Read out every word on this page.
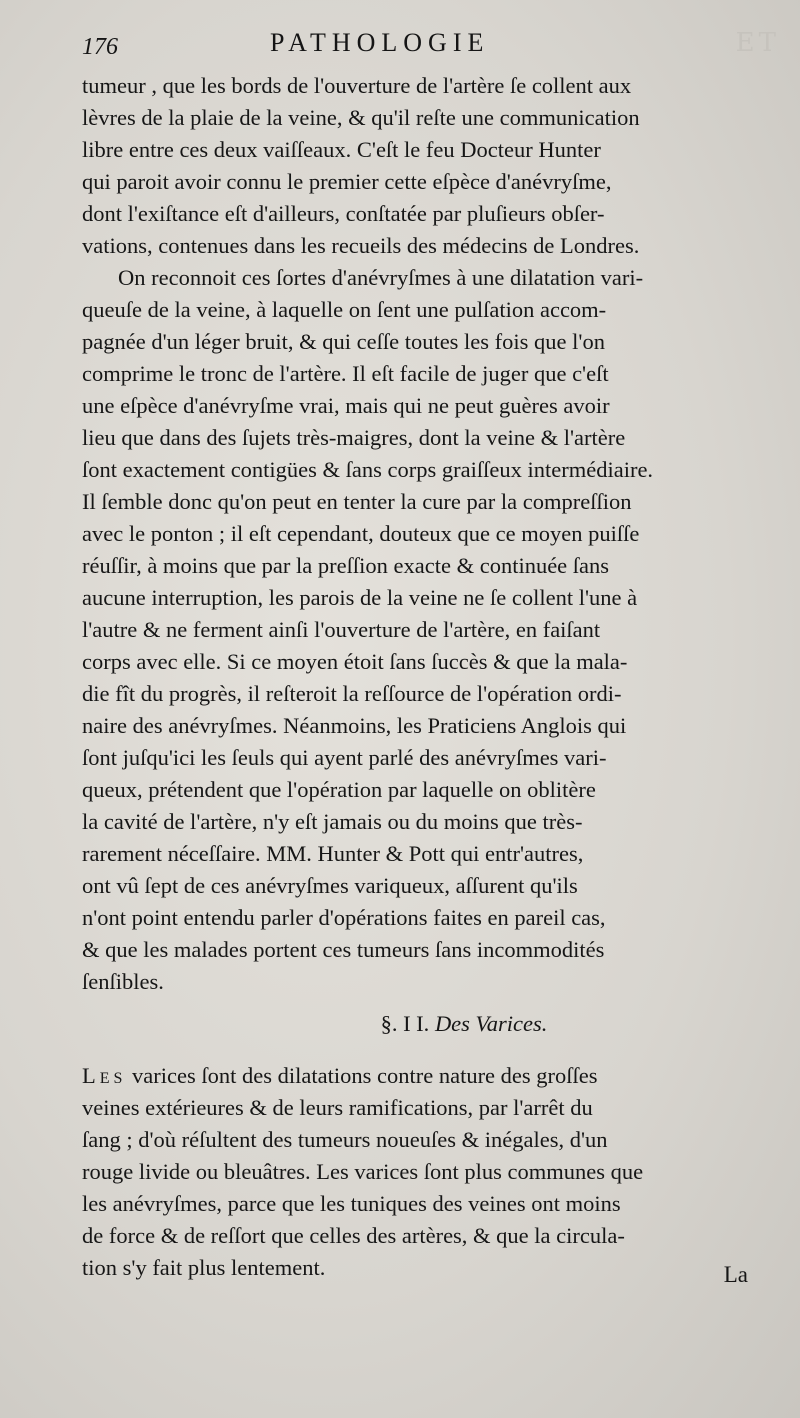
ET
176	PATHOLOGIE
tumeur , que les bords de l'ouverture de l'artère ſe collent aux
lèvres de la plaie de la veine, & qu'il reſte une communication
libre entre ces deux vaiſſeaux. C'eſt le feu Docteur Hunter
qui paroit avoir connu le premier cette eſpèce d'anévryſme,
dont l'exiſtance eſt d'ailleurs, conſtatée par pluſieurs obſer-
vations, contenues dans les recueils des médecins de Londres.
On reconnoit ces ſortes d'anévryſmes à une dilatation vari-
queuſe de la veine, à laquelle on ſent une pulſation accom-
pagnée d'un léger bruit, & qui ceſſe toutes les fois que l'on
comprime le tronc de l'artère. Il eſt facile de juger que c'eſt
une eſpèce d'anévryſme vrai, mais qui ne peut guères avoir
lieu que dans des ſujets très-maigres, dont la veine & l'artère
ſont exactement contigües & ſans corps graiſſeux intermédiaire.
Il ſemble donc qu'on peut en tenter la cure par la compreſſion
avec le ponton ; il eſt cependant, douteux que ce moyen puiſſe
réuſſir, à moins que par la preſſion exacte & continuée ſans
aucune interruption, les parois de la veine ne ſe collent l'une à
l'autre & ne ferment ainſi l'ouverture de l'artère, en faiſant
corps avec elle. Si ce moyen étoit ſans ſuccès & que la mala-
die fît du progrès, il reſteroit la reſſource de l'opération ordi-
naire des anévryſmes. Néanmoins, les Praticiens Anglois qui
ſont juſqu'ici les ſeuls qui ayent parlé des anévryſmes vari-
queux, prétendent que l'opération par laquelle on oblitère
la cavité de l'artère, n'y eſt jamais ou du moins que très-
rarement néceſſaire. MM. Hunter & Pott qui entr'autres,
ont vû ſept de ces anévryſmes variqueux, aſſurent qu'ils
n'ont point entendu parler d'opérations faites en pareil cas,
& que les malades portent ces tumeurs ſans incommodités
ſenſibles.
§. I I. Des Varices.
Les varices ſont des dilatations contre nature des groſſes
veines extérieures & de leurs ramifications, par l'arrêt du
ſang ; d'où réſultent des tumeurs noueuſes & inégales, d'un
rouge livide ou bleuâtres. Les varices ſont plus communes que
les anévryſmes, parce que les tuniques des veines ont moins
de force & de reſſort que celles des artères, & que la circula-
tion s'y fait plus lentement.	La
